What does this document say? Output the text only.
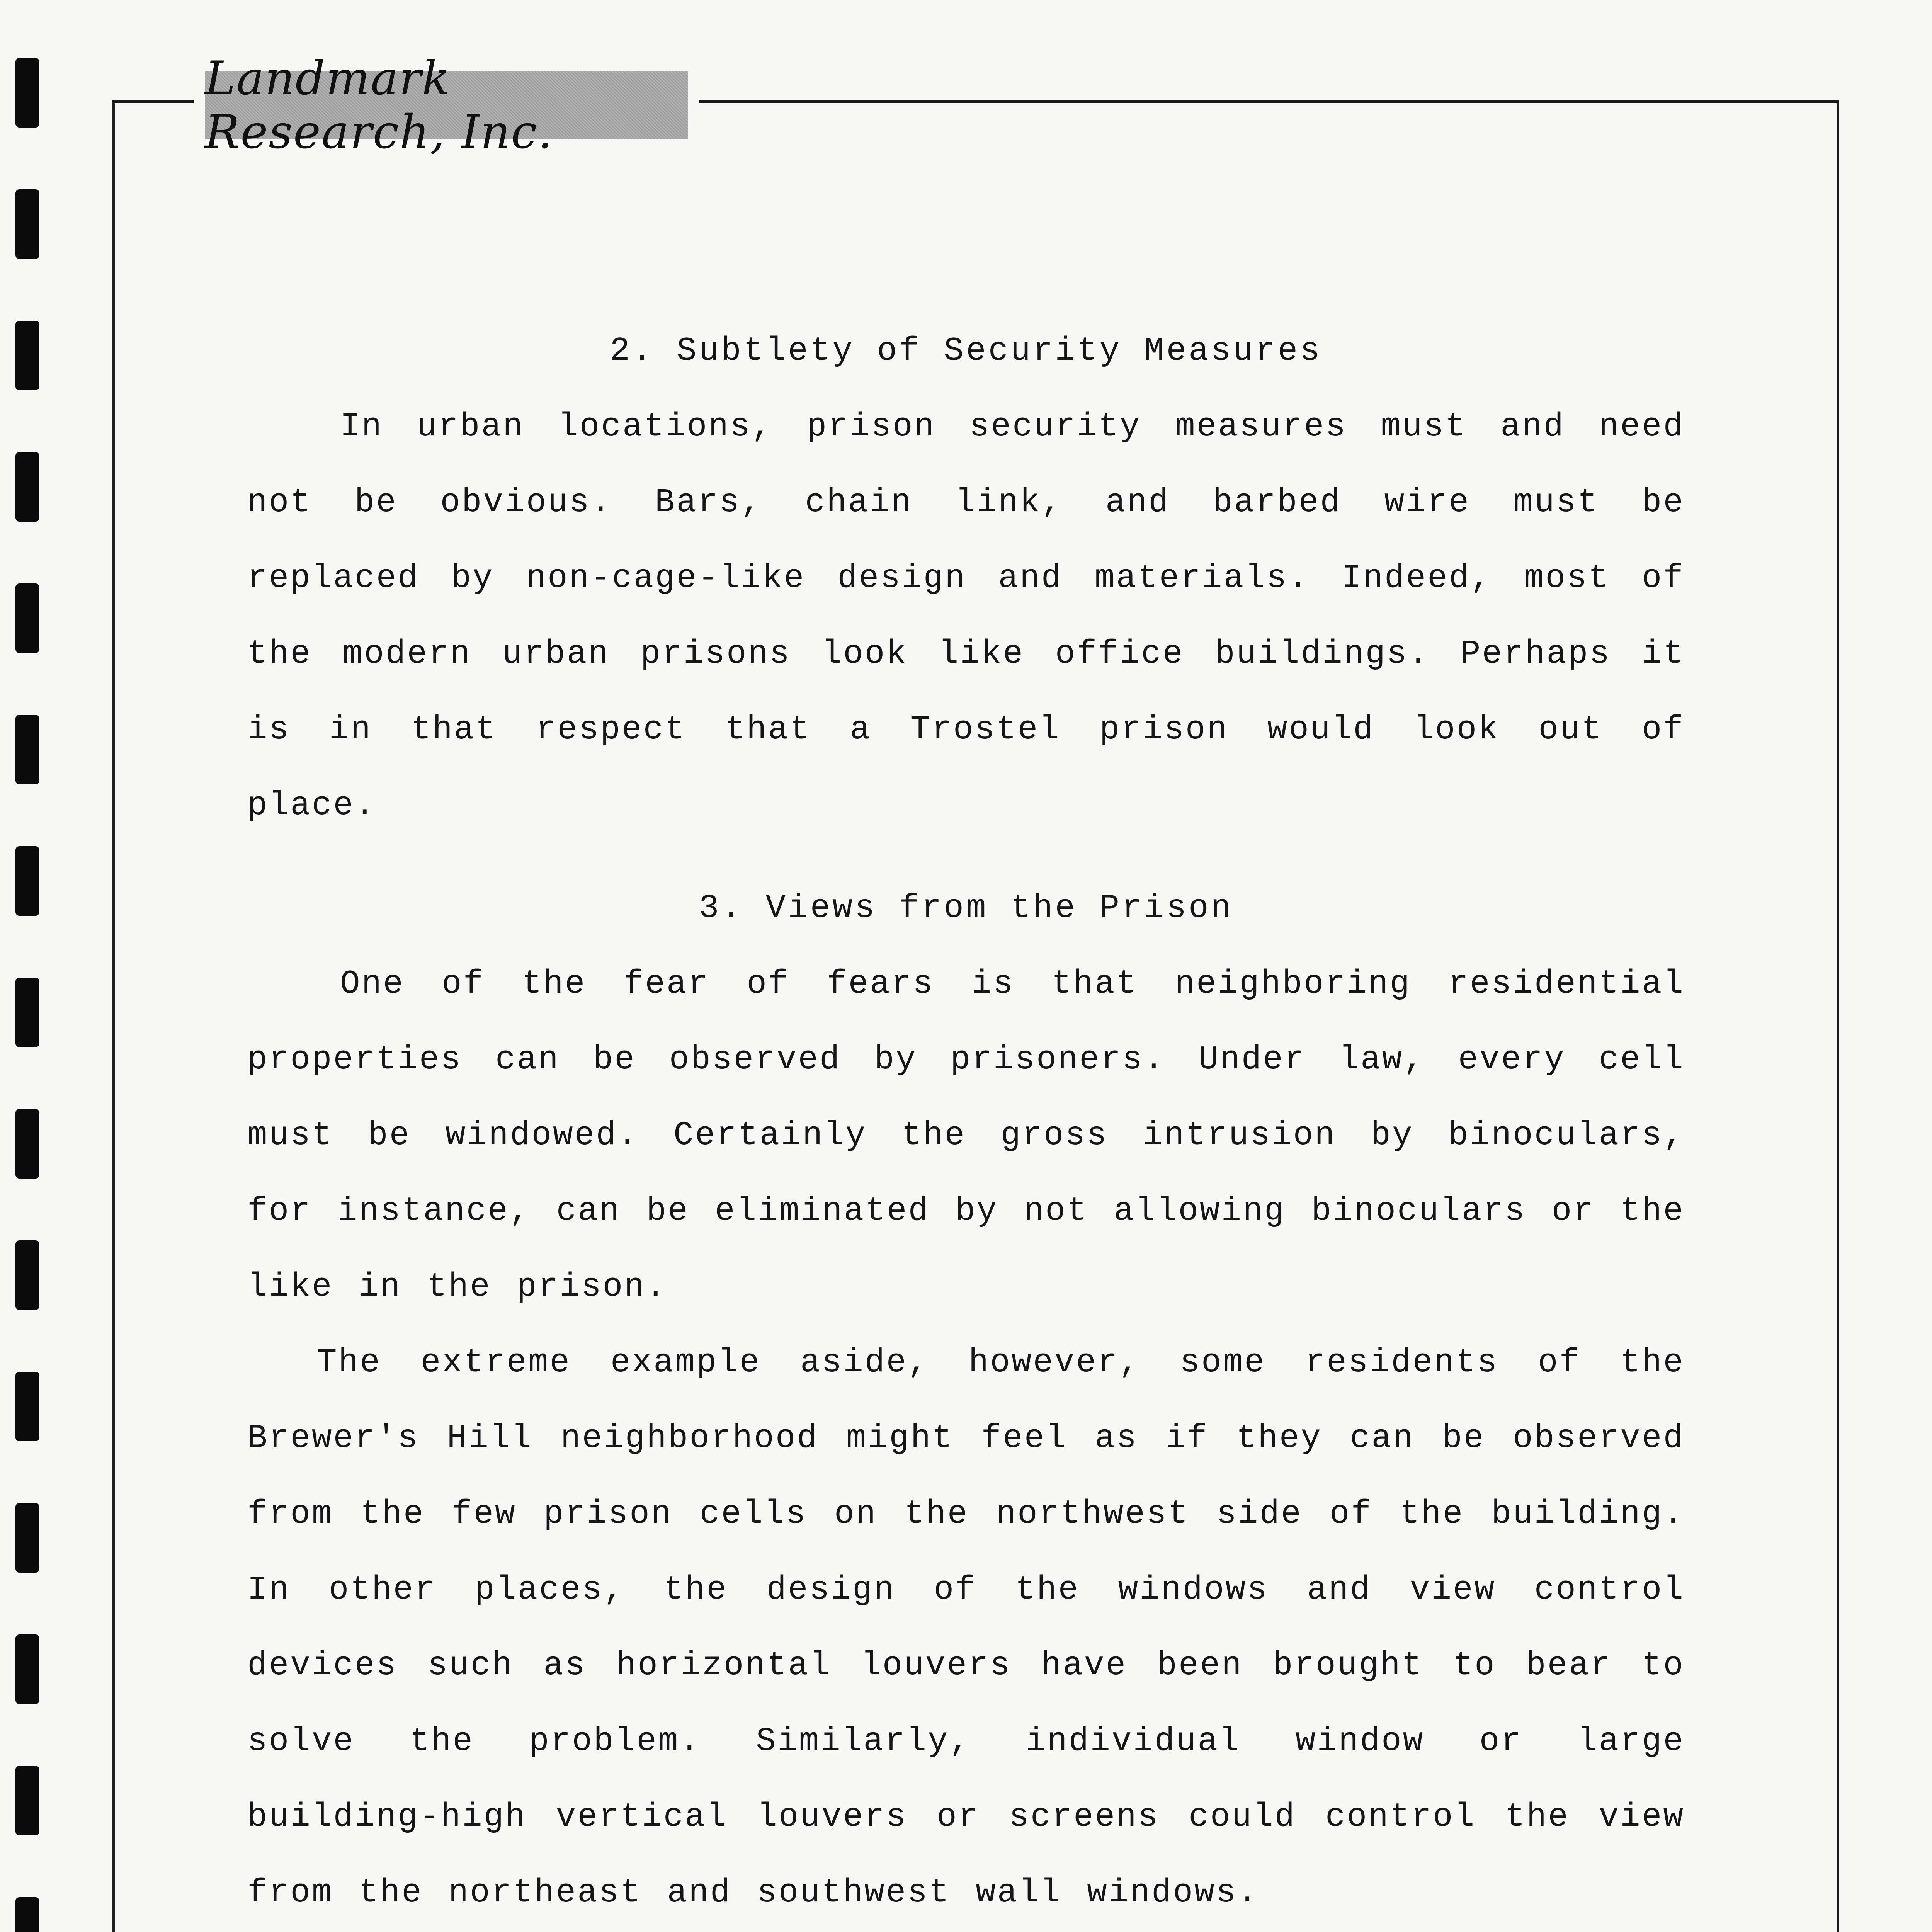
Landmark Research, Inc.
2. Subtlety of Security Measures

In urban locations, prison security measures must and need not be obvious. Bars, chain link, and barbed wire must be replaced by non-cage-like design and materials. Indeed, most of the modern urban prisons look like office buildings. Perhaps it is in that respect that a Trostel prison would look out of place.

3. Views from the Prison

One of the fear of fears is that neighboring residential properties can be observed by prisoners. Under law, every cell must be windowed. Certainly the gross intrusion by binoculars, for instance, can be eliminated by not allowing binoculars or the like in the prison.

The extreme example aside, however, some residents of the Brewer's Hill neighborhood might feel as if they can be observed from the few prison cells on the northwest side of the building. In other places, the design of the windows and view control devices such as horizontal louvers have been brought to bear to solve the problem. Similarly, individual window or large building-high vertical louvers or screens could control the view from the northeast and southwest wall windows.
